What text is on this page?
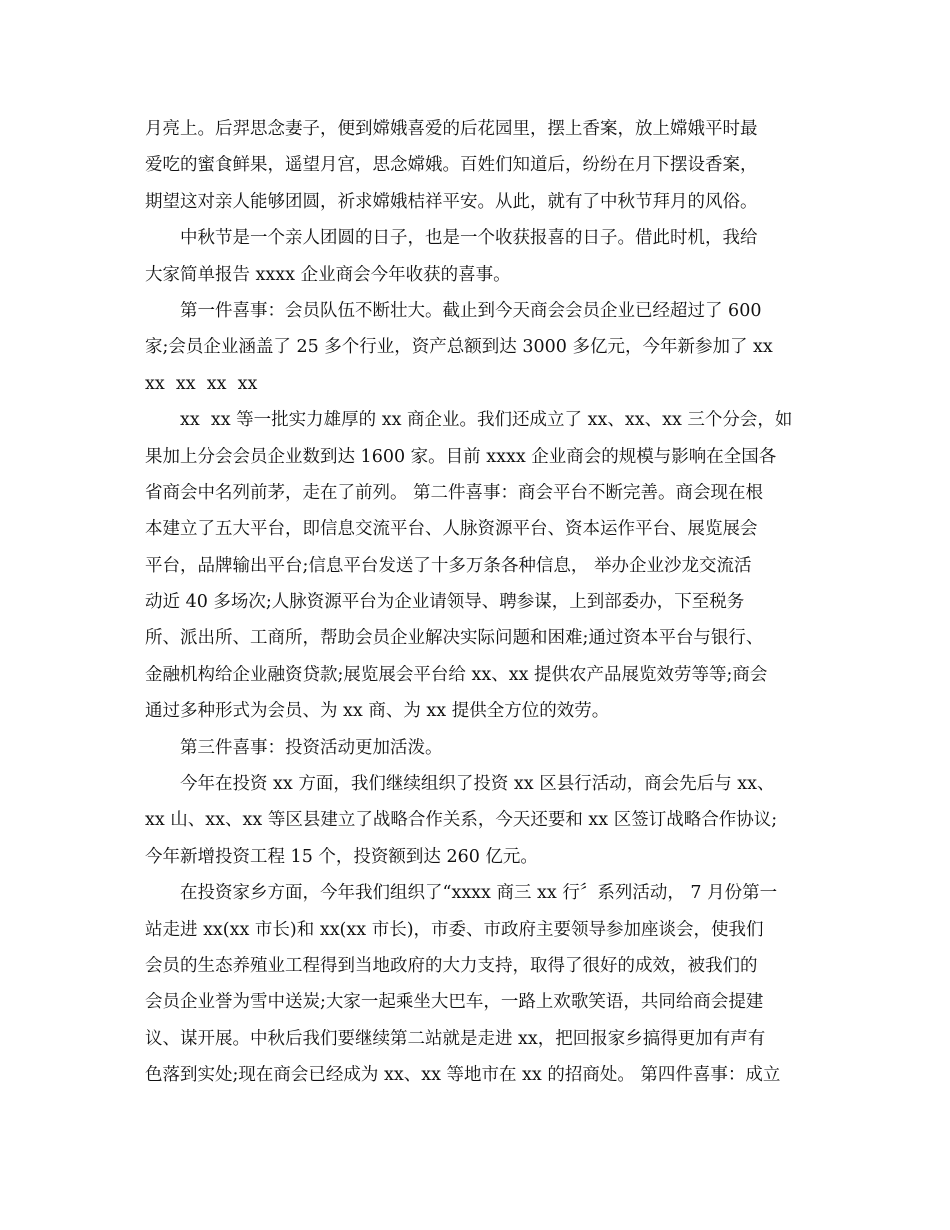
月亮上。后羿思念妻子，便到嫦娥喜爱的后花园里，摆上香案，放上嫦娥平时最
爱吃的蜜食鲜果，遥望月宫，思念嫦娥。百姓们知道后，纷纷在月下摆设香案，
期望这对亲人能够团圆，祈求嫦娥桔祥平安。从此，就有了中秋节拜月的风俗。
中秋节是一个亲人团圆的日子，也是一个收获报喜的日子。借此时机，我给
大家简单报告 xxxx 企业商会今年收获的喜事。
第一件喜事：会员队伍不断壮大。截止到今天商会会员企业已经超过了 600
家;会员企业涵盖了 25 多个行业，资产总额到达 3000 多亿元，今年新参加了 xx
xx  xx  xx  xx
xx  xx 等一批实力雄厚的 xx 商企业。我们还成立了 xx、xx、xx 三个分会，如
果加上分会会员企业数到达 1600 家。目前 xxxx 企业商会的规模与影响在全国各
省商会中名列前茅，走在了前列。 第二件喜事：商会平台不断完善。商会现在根
本建立了五大平台，即信息交流平台、人脉资源平台、资本运作平台、展览展会
平台，品牌输出平台;信息平台发送了十多万条各种信息， 举办企业沙龙交流活
动近 40 多场次;人脉资源平台为企业请领导、聘参谋，上到部委办，下至税务
所、派出所、工商所，帮助会员企业解决实际问题和困难;通过资本平台与银行、
金融机构给企业融资贷款;展览展会平台给 xx、xx 提供农产品展览效劳等等;商会
通过多种形式为会员、为 xx 商、为 xx 提供全方位的效劳。
第三件喜事：投资活动更加活泼。
今年在投资 xx 方面，我们继续组织了投资 xx 区县行活动，商会先后与 xx、
xx 山、xx、xx 等区县建立了战略合作关系，今天还要和 xx 区签订战略合作协议;
今年新增投资工程 15 个，投资额到达 260 亿元。
在投资家乡方面，今年我们组织了“xxxx 商三 xx 行〞系列活动， 7 月份第一
站走进 xx(xx 市长)和 xx(xx 市长)，市委、市政府主要领导参加座谈会，使我们
会员的生态养殖业工程得到当地政府的大力支持，取得了很好的成效，被我们的
会员企业誉为雪中送炭;大家一起乘坐大巴车，一路上欢歌笑语，共同给商会提建
议、谋开展。中秋后我们要继续第二站就是走进 xx，把回报家乡搞得更加有声有
色落到实处;现在商会已经成为 xx、xx 等地市在 xx 的招商处。 第四件喜事：成立
